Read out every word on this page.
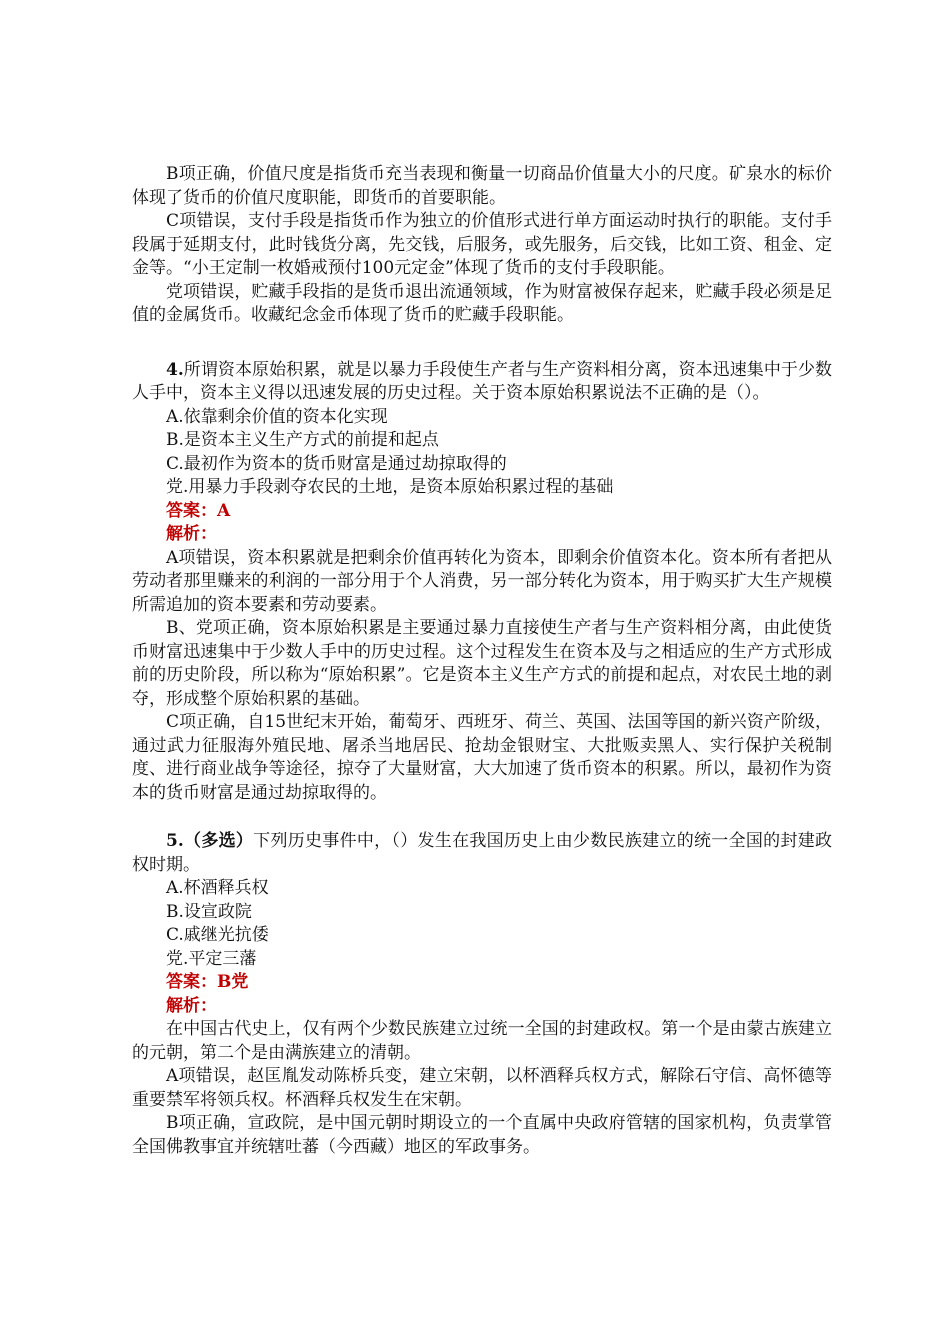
B项正确，价值尺度是指货币充当表现和衡量一切商品价值量大小的尺度。矿泉水的标价体现了货币的价值尺度职能，即货币的首要职能。

C项错误，支付手段是指货币作为独立的价值形式进行单方面运动时执行的职能。支付手段属于延期支付，此时钱货分离，先交钱，后服务，或先服务，后交钱，比如工资、租金、定金等。“小王定制一枚婚戒预付100元定金”体现了货币的支付手段职能。

党项错误，贮藏手段指的是货币退出流通领域，作为财富被保存起来，贮藏手段必须是足值的金属货币。收藏纪念金币体现了货币的贮藏手段职能。

4.所谓资本原始积累，就是以暴力手段使生产者与生产资料相分离，资本迅速集中于少数人手中，资本主义得以迅速发展的历史过程。关于资本原始积累说法不正确的是（）。

A.依靠剩余价值的资本化实现

B.是资本主义生产方式的前提和起点

C.最初作为资本的货币财富是通过劫掠取得的

党.用暴力手段剥夺农民的土地，是资本原始积累过程的基础

答案：A

解析：

A项错误，资本积累就是把剩余价值再转化为资本，即剩余价值资本化。资本所有者把从劳动者那里赚来的利润的一部分用于个人消费，另一部分转化为资本，用于购买扩大生产规模所需追加的资本要素和劳动要素。

B、党项正确，资本原始积累是主要通过暴力直接使生产者与生产资料相分离，由此使货币财富迅速集中于少数人手中的历史过程。这个过程发生在资本及与之相适应的生产方式形成前的历史阶段，所以称为“原始积累”。它是资本主义生产方式的前提和起点，对农民土地的剥夺，形成整个原始积累的基础。

C项正确，自15世纪末开始，葡萄牙、西班牙、荷兰、英国、法国等国的新兴资产阶级，通过武力征服海外殖民地、屠杀当地居民、抢劫金银财宝、大批贩卖黑人、实行保护关税制度、进行商业战争等途径，掠夺了大量财富，大大加速了货币资本的积累。所以，最初作为资本的货币财富是通过劫掠取得的。

5.（多选）下列历史事件中，（）发生在我国历史上由少数民族建立的统一全国的封建政权时期。

A.杯酒释兵权

B.设宣政院

C.戚继光抗倭

党.平定三藩

答案：B党

解析：

在中国古代史上，仅有两个少数民族建立过统一全国的封建政权。第一个是由蒙古族建立的元朝，第二个是由满族建立的清朝。

A项错误，赵匡胤发动陈桥兵变，建立宋朝，以杯酒释兵权方式，解除石守信、高怀德等重要禁军将领兵权。杯酒释兵权发生在宋朝。

B项正确，宣政院，是中国元朝时期设立的一个直属中央政府管辖的国家机构，负责掌管全国佛教事宜并统辖吐蕃（今西藏）地区的军政事务。
